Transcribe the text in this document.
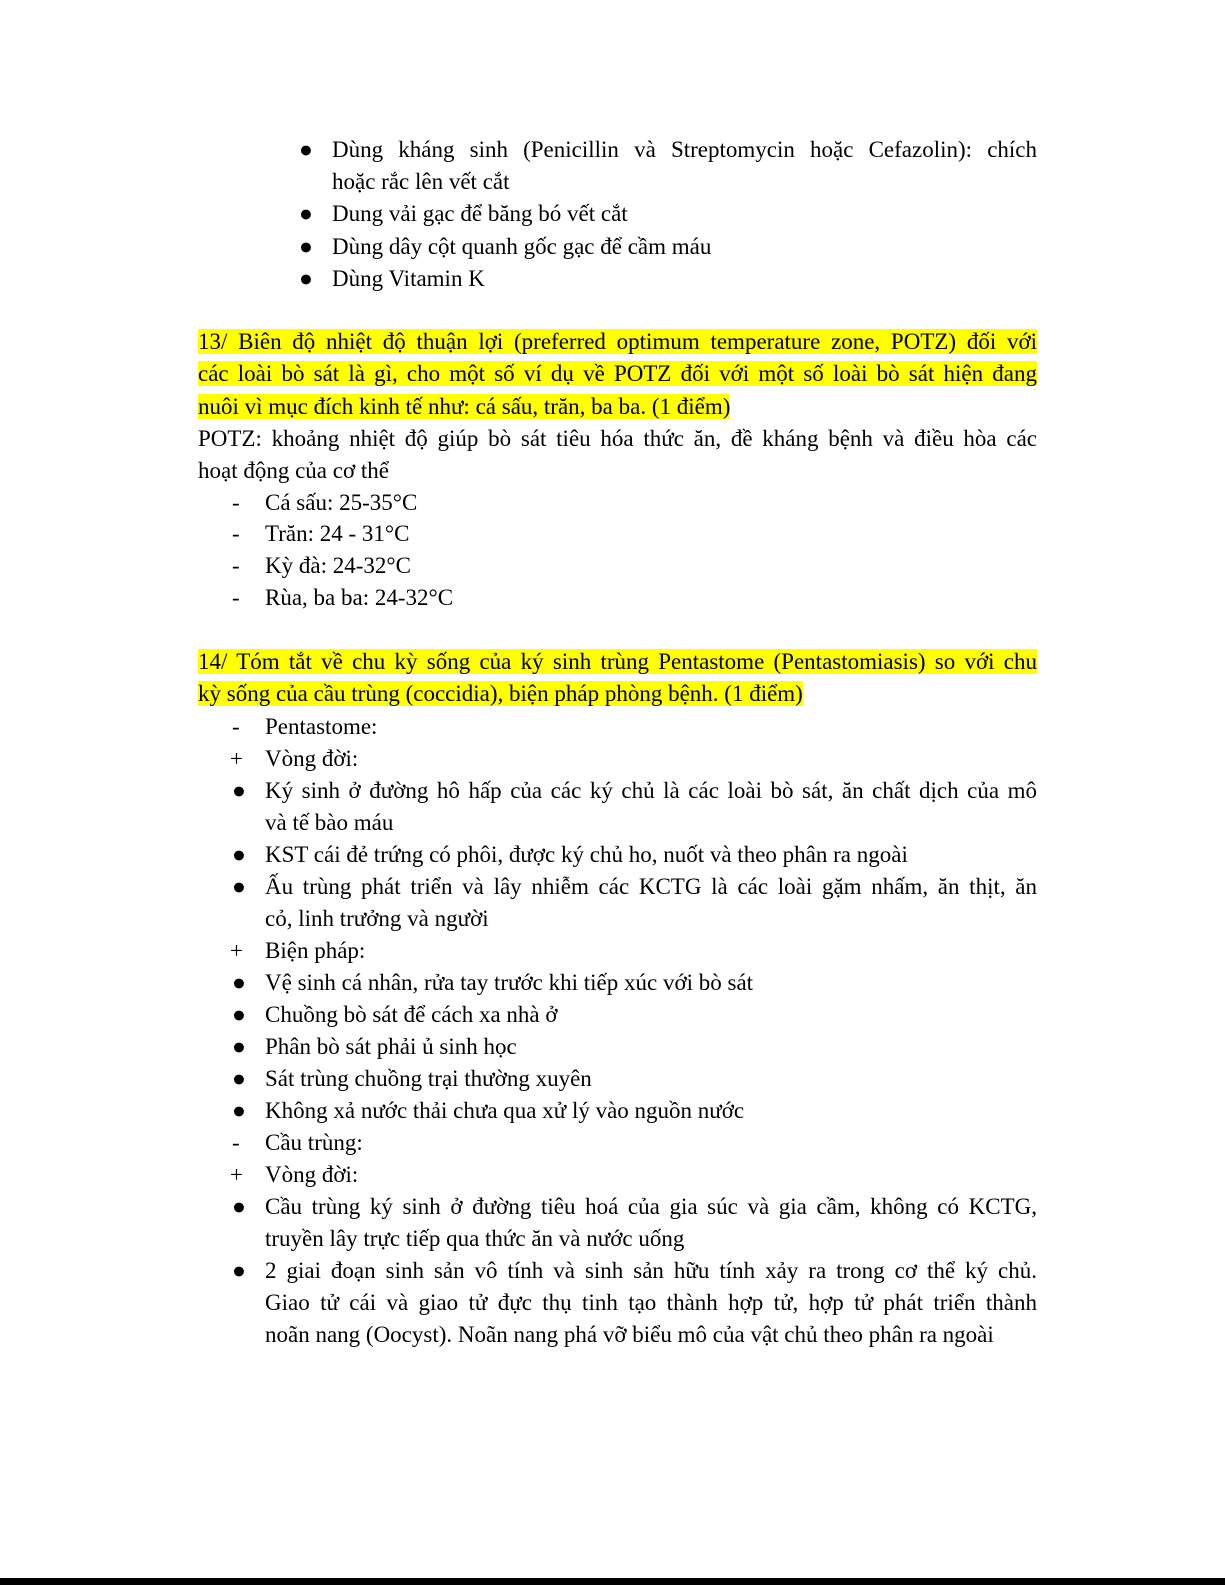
● Dùng kháng sinh (Penicillin và Streptomycin hoặc Cefazolin): chích
hoặc rắc lên vết cắt
● Dung vải gạc để băng bó vết cắt
● Dùng dây cột quanh gốc gạc để cầm máu
● Dùng Vitamin K
13/ Biên độ nhiệt độ thuận lợi (preferred optimum temperature zone, POTZ) đối với
các loài bò sát là gì, cho một số ví dụ về POTZ đối với một số loài bò sát hiện đang
nuôi vì mục đích kinh tế như: cá sấu, trăn, ba ba. (1 điểm)
POTZ: khoảng nhiệt độ giúp bò sát tiêu hóa thức ăn, đề kháng bệnh và điều hòa các
hoạt động của cơ thể
- Cá sấu: 25-35°C
- Trăn: 24 - 31°C
- Kỳ đà: 24-32°C
- Rùa, ba ba: 24-32°C
14/ Tóm tắt về chu kỳ sống của ký sinh trùng Pentastome (Pentastomiasis) so với chu
kỳ sống của cầu trùng (coccidia), biện pháp phòng bệnh. (1 điểm)
- Pentastome:
+ Vòng đời:
● Ký sinh ở đường hô hấp của các ký chủ là các loài bò sát, ăn chất dịch của mô
và tế bào máu
● KST cái đẻ trứng có phôi, được ký chủ ho, nuốt và theo phân ra ngoài
● Ấu trùng phát triển và lây nhiễm các KCTG là các loài gặm nhấm, ăn thịt, ăn
cỏ, linh trưởng và người
+ Biện pháp:
● Vệ sinh cá nhân, rửa tay trước khi tiếp xúc với bò sát
● Chuồng bò sát để cách xa nhà ở
● Phân bò sát phải ủ sinh học
● Sát trùng chuồng trại thường xuyên
● Không xả nước thải chưa qua xử lý vào nguồn nước
- Cầu trùng:
+ Vòng đời:
● Cầu trùng ký sinh ở đường tiêu hoá của gia súc và gia cầm, không có KCTG,
truyền lây trực tiếp qua thức ăn và nước uống
● 2 giai đoạn sinh sản vô tính và sinh sản hữu tính xảy ra trong cơ thể ký chủ.
Giao tử cái và giao tử đực thụ tinh tạo thành hợp tử, hợp tử phát triển thành
noãn nang (Oocyst). Noãn nang phá vỡ biểu mô của vật chủ theo phân ra ngoài
